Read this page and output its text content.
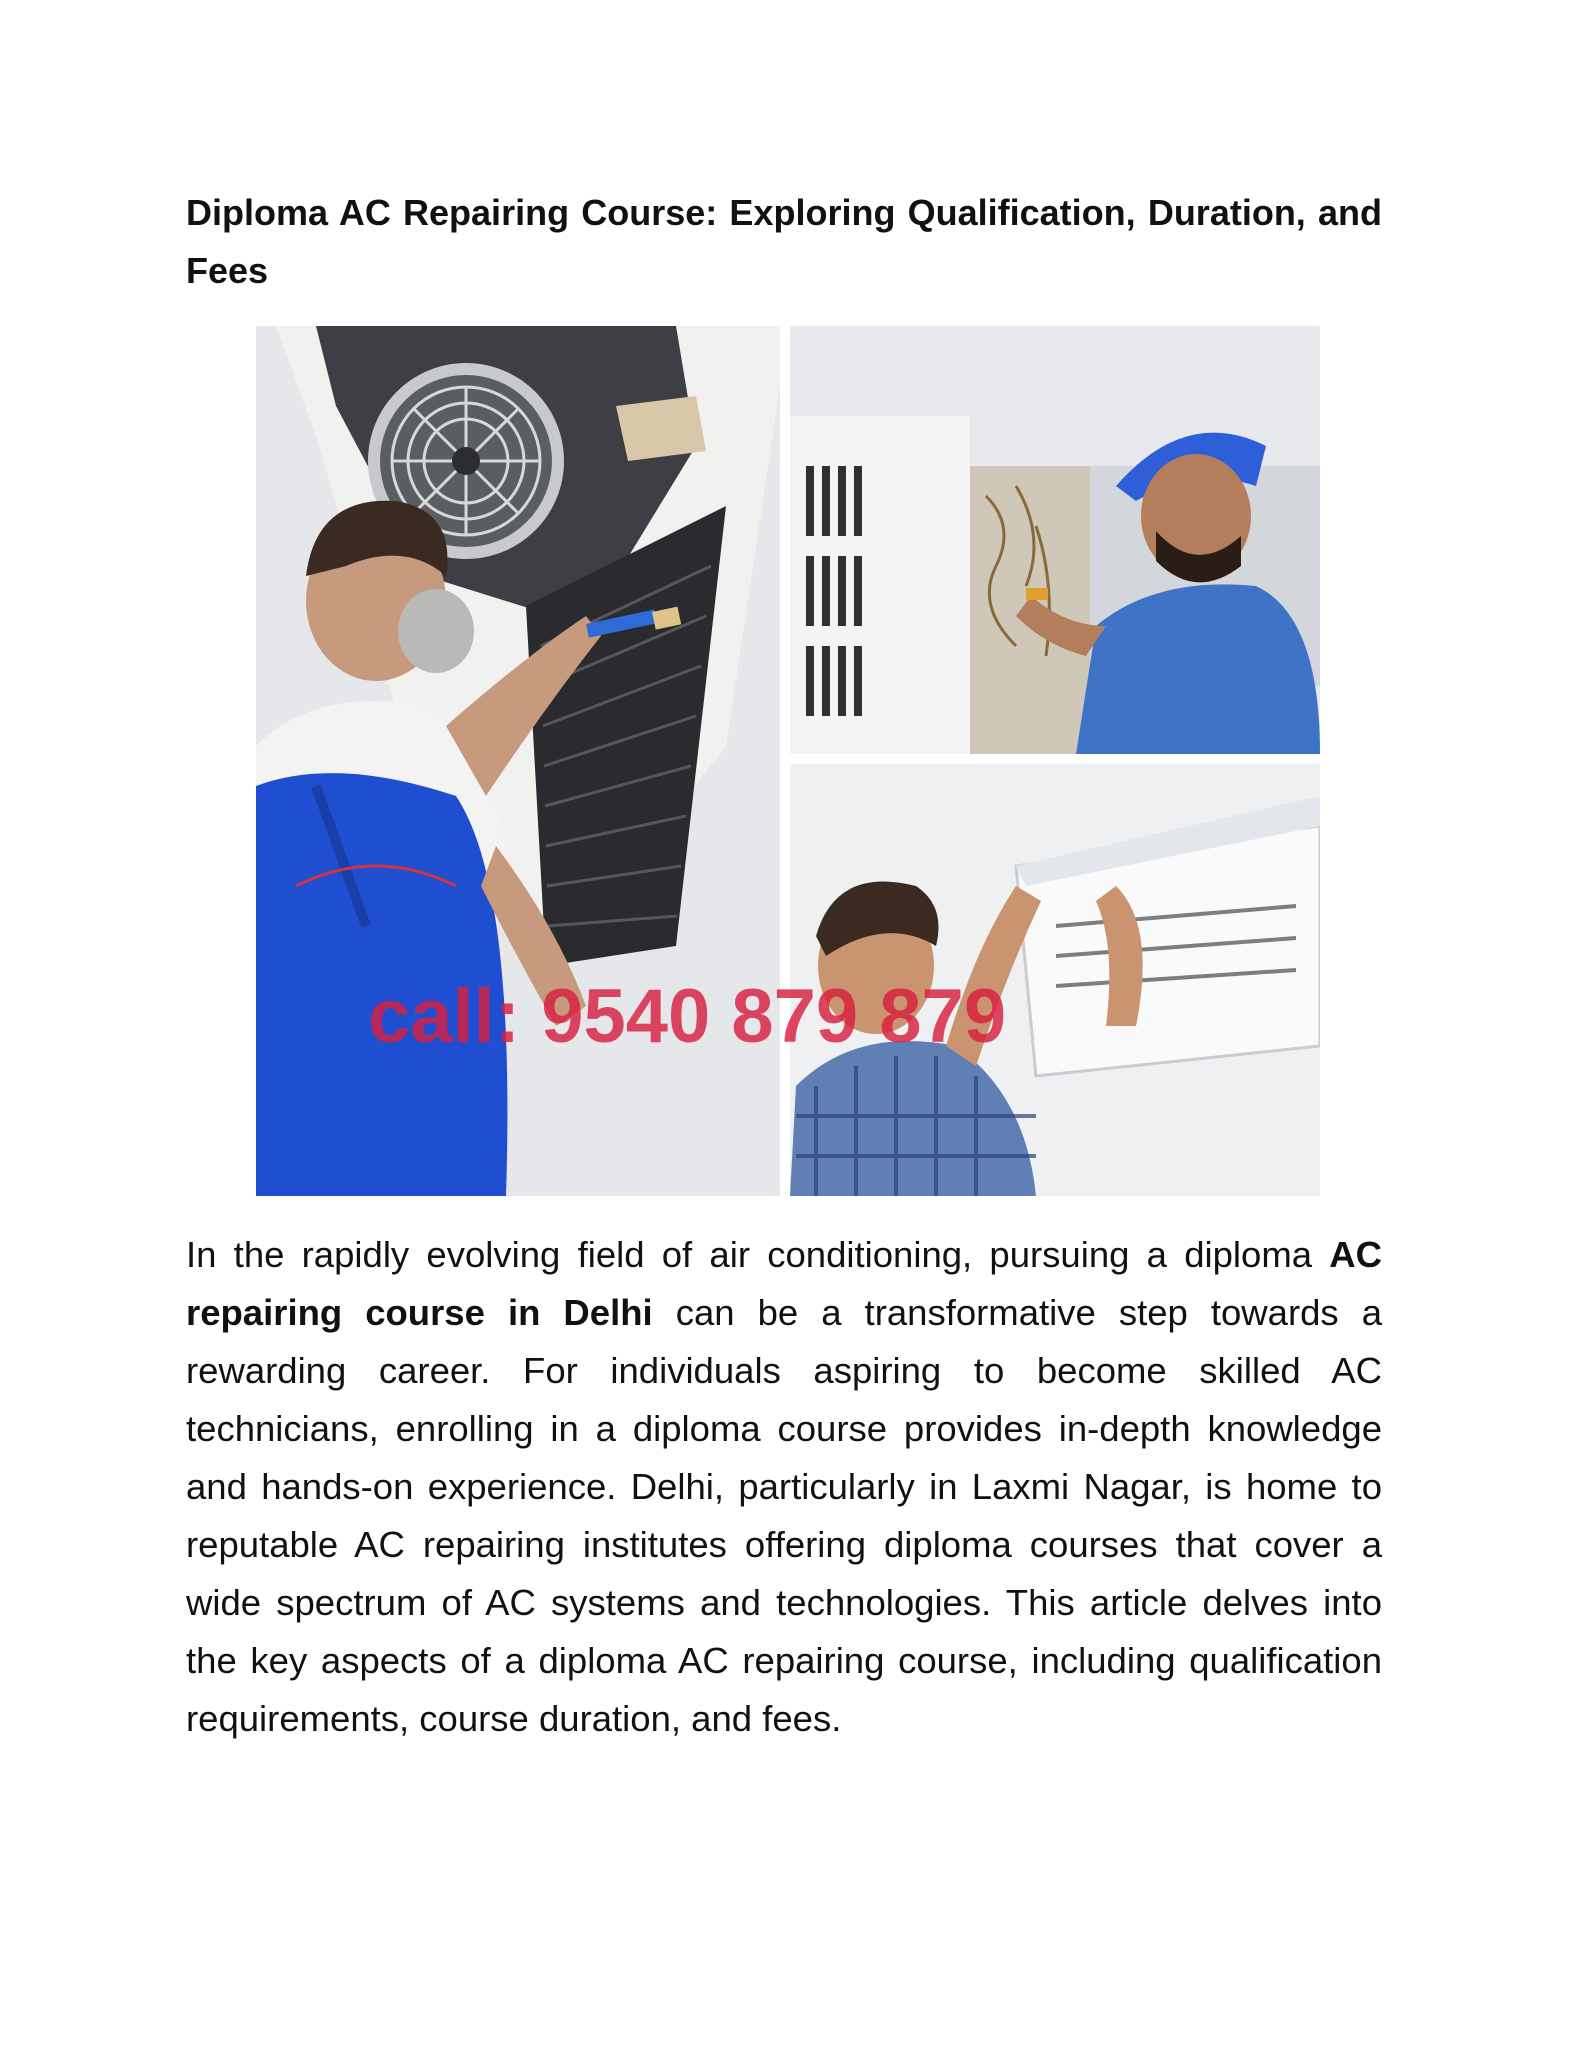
Diploma AC Repairing Course: Exploring Qualification, Duration, and Fees
call: 9540 879 879

In the rapidly evolving field of air conditioning, pursuing a diploma AC repairing course in Delhi can be a transformative step towards a rewarding career. For individuals aspiring to become skilled AC technicians, enrolling in a diploma course provides in-depth knowledge and hands-on experience. Delhi, particularly in Laxmi Nagar, is home to reputable AC repairing institutes offering diploma courses that cover a wide spectrum of AC systems and technologies. This article delves into the key aspects of a diploma AC repairing course, including qualification requirements, course duration, and fees.
